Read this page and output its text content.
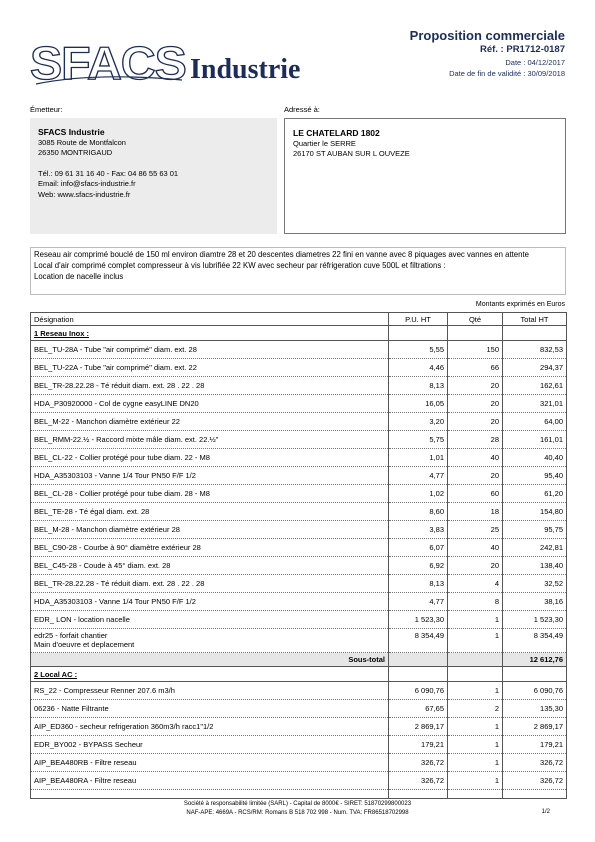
SFACS Industrie
Proposition commerciale
Réf. : PR1712-0187
Date : 04/12/2017
Date de fin de validité : 30/09/2018
Émetteur:
SFACS Industrie
3085 Route de Montfalcon
26350 MONTRIGAUD
Tél.: 09 61 31 16 40 - Fax: 04 86 55 63 01
Email: info@sfacs-industrie.fr
Web: www.sfacs-industrie.fr
Adressé à:
LE CHATELARD 1802
Quartier le SERRE
26170 ST AUBAN SUR L OUVEZE
Reseau air comprimé bouclé de 150 ml environ diamtre 28 et 20 descentes diametres 22 fini en vanne avec 8 piquages avec vannes en attente
Local d'air comprimé complet compresseur à vis lubrifiée 22 KW avec secheur par réfrigeration cuve 500L et filtrations :
Location de nacelle inclus
Montants exprimés en Euros
Désignation	P.U. HT	Qté	Total HT
1 Reseau Inox :			
BEL_TU-28A - Tube "air comprimé" diam. ext. 28	5,55	150	832,53
BEL_TU-22A - Tube "air comprimé" diam. ext. 22	4,46	66	294,37
BEL_TR-28.22.28 - Té réduit diam. ext. 28 . 22 . 28	8,13	20	162,61
HDA_P30920000 - Col de cygne easyLINE DN20	16,05	20	321,01
BEL_M-22 - Manchon diamètre extérieur 22	3,20	20	64,00
BEL_RMM-22.½ - Raccord mixte mâle diam. ext. 22.½"	5,75	28	161,01
BEL_CL-22 - Collier protégé pour tube diam. 22 - M8	1,01	40	40,40
HDA_A35303103 - Vanne 1/4 Tour PN50 F/F 1/2	4,77	20	95,40
BEL_CL-28 - Collier protégé pour tube diam. 28 - M8	1,02	60	61,20
BEL_TE-28 - Té égal diam. ext. 28	8,60	18	154,80
BEL_M-28 - Manchon diamètre extérieur 28	3,83	25	95,75
BEL_C90-28 - Courbe à 90° diamètre extérieur 28	6,07	40	242,81
BEL_C45-28 - Coude à 45° diam. ext. 28	6,92	20	138,40
BEL_TR-28.22.28 - Té réduit diam. ext. 28 . 22 . 28	8,13	4	32,52
HDA_A35303103 - Vanne 1/4 Tour PN50 F/F 1/2	4,77	8	38,16
EDR_ LON - location nacelle	1 523,30	1	1 523,30

edr25 - forfait chantier
Main d'oeuvre et deplacement	8 354,49	1	8 354,49
Sous-total			12 612,76
2 Local AC :			
RS_22 - Compresseur Renner 207.6 m3/h	6 090,76	1	6 090,76
06236 - Natte Filtrante	67,65	2	135,30
AIP_ED360 - secheur refrigeration 360m3/h racc1"1/2	2 869,17	1	2 869,17
EDR_BY002 - BYPASS Secheur	179,21	1	179,21
AIP_BEA480RB - Filtre reseau	326,72	1	326,72
AIP_BEA480RA - Filtre reseau	326,72	1	326,72

Société à responsabilité limitée (SARL) - Capital de 8000€ - SIRET: 51870299800023
NAF-APE: 4669A - RCS/RM: Romans B 518 702 998 - Num. TVA: FR86518702998	1/2
